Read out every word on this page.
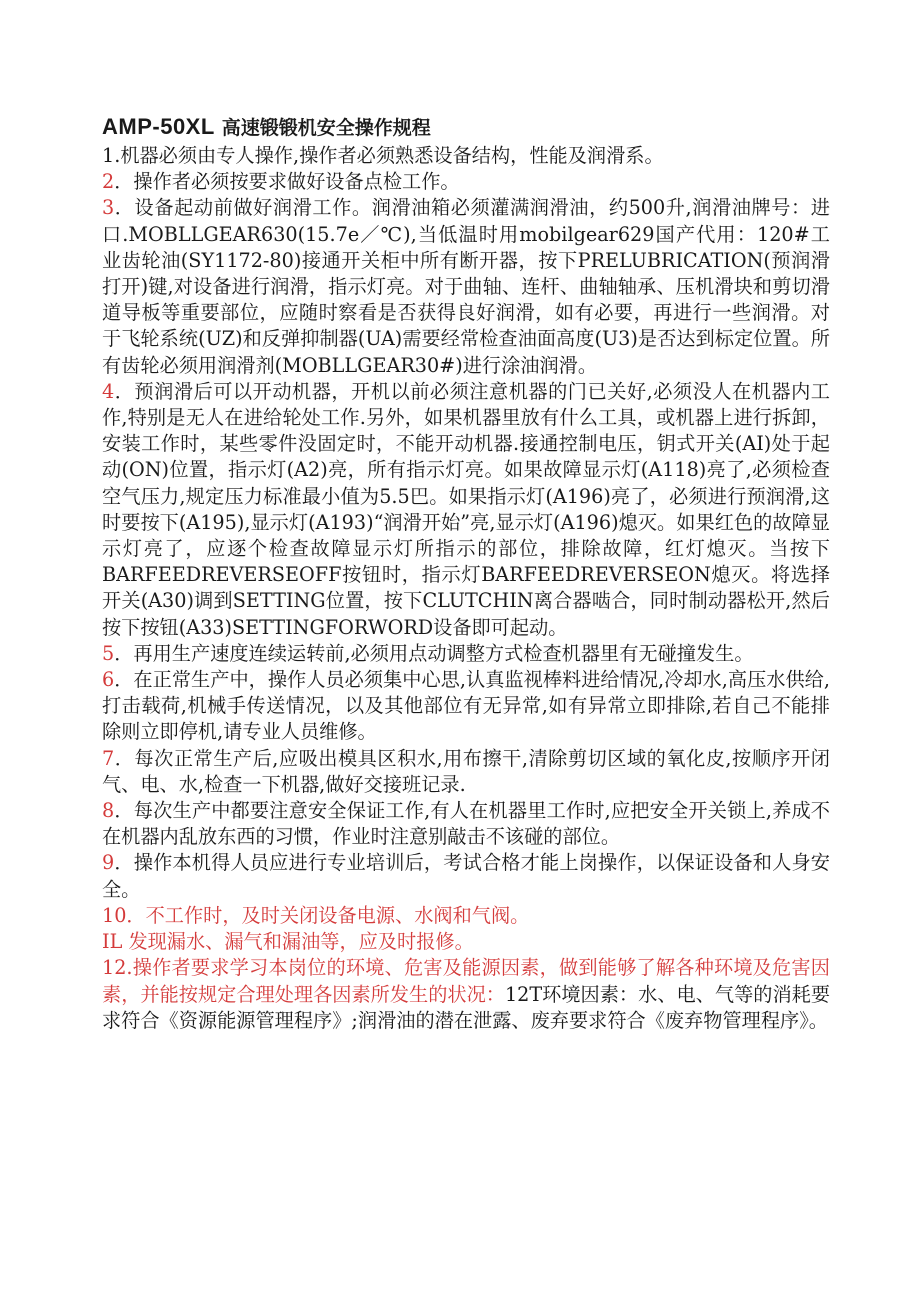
AMP-50XL 高速锻锻机安全操作规程

1.机器必须由专人操作,操作者必须熟悉设备结构，性能及润滑系。

2．操作者必须按要求做好设备点检工作。

3．设备起动前做好润滑工作。润滑油箱必须灌满润滑油，约500升,润滑油牌号：进口.MOBLLGEAR630(15.7e／℃),当低温时用mobilgear629国产代用：120#工业齿轮油(SY1172-80)接通开关柜中所有断开器，按下PRELUBRICATION(预润滑打开)键,对设备进行润滑，指示灯亮。对于曲轴、连杆、曲轴轴承、压机滑块和剪切滑道导板等重要部位，应随时察看是否获得良好润滑，如有必要，再进行一些润滑。对于飞轮系统(UZ)和反弹抑制器(UA)需要经常检查油面高度(U3)是否达到标定位置。所有齿轮必须用润滑剂(MOBLLGEAR30#)进行涂油润滑。

4．预润滑后可以开动机器，开机以前必须注意机器的门已关好,必须没人在机器内工作,特别是无人在进给轮处工作.另外，如果机器里放有什么工具，或机器上进行拆卸，安装工作时，某些零件没固定时，不能开动机器.接通控制电压，钥式开关(AI)处于起动(ON)位置，指示灯(A2)亮，所有指示灯亮。如果故障显示灯(A118)亮了,必须检查空气压力,规定压力标准最小值为5.5巴。如果指示灯(A196)亮了，必须进行预润滑,这时要按下(A195),显示灯(A193)“润滑开始”亮,显示灯(A196)熄灭。如果红色的故障显示灯亮了，应逐个检查故障显示灯所指示的部位，排除故障，红灯熄灭。当按下BARFEEDREVERSEOFF按钮时，指示灯BARFEEDREVERSEON熄灭。将选择开关(A30)调到SETTING位置，按下CLUTCHIN离合器啮合，同时制动器松开,然后按下按钮(A33)SETTINGFORWORD设备即可起动。

5．再用生产速度连续运转前,必须用点动调整方式检查机器里有无碰撞发生。

6．在正常生产中，操作人员必须集中心思,认真监视棒料进给情况,冷却水,高压水供给,打击载荷,机械手传送情况，以及其他部位有无异常,如有异常立即排除,若自己不能排除则立即停机,请专业人员维修。

7．每次正常生产后,应吸出模具区积水,用布擦干,清除剪切区域的氧化皮,按顺序开闭气、电、水,检查一下机器,做好交接班记录.

8．每次生产中都要注意安全保证工作,有人在机器里工作时,应把安全开关锁上,养成不在机器内乱放东西的习惯，作业时注意别敲击不该碰的部位。

9．操作本机得人员应进行专业培训后，考试合格才能上岗操作，以保证设备和人身安全。

10．不工作时，及时关闭设备电源、水阀和气阀。

IL 发现漏水、漏气和漏油等，应及时报修。

12.操作者要求学习本岗位的环境、危害及能源因素，做到能够了解各种环境及危害因素，并能按规定合理处理各因素所发生的状况：12T环境因素：水、电、气等的消耗要求符合《资源能源管理程序》;润滑油的潜在泄露、废弃要求符合《废弃物管理程序》。
